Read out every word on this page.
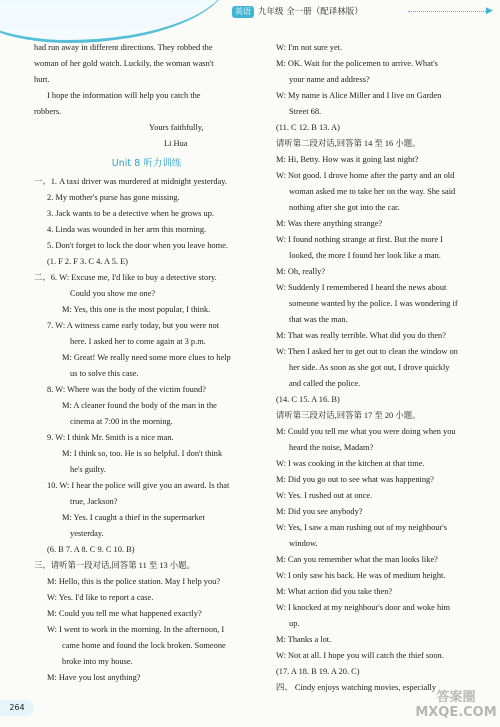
英语 九年级 全一册（配译林版）	▶
had run away in different directions. They robbed the
woman of her gold watch. Luckily, the woman wasn't
hurt.
I hope the information will help you catch the
robbers.
Yours faithfully,
Li Hua
Unit 8 听力训练
一、1. A taxi driver was murdered at midnight yesterday.
2. My mother's purse has gone missing.
3. Jack wants to be a detective when he grows up.
4. Linda was wounded in her arm this morning.
5. Don't forget to lock the door when you leave home.
(1. F 2. F 3. C 4. A 5. E)
二、6. W: Excuse me, I'd like to buy a detective story.
Could you show me one?
M: Yes, this one is the most popular, I think.
7. W: A witness came early today, but you were not
here. I asked her to come again at 3 p.m.
M: Great! We really need some more clues to help
us to solve this case.
8. W: Where was the body of the victim found?
M: A cleaner found the body of the man in the
cinema at 7:00 in the morning.
9. W: I think Mr. Smith is a nice man.
M: I think so, too. He is so helpful. I don't think
he's guilty.
10. W: I hear the police will give you an award. Is that
true, Jackson?
M: Yes. I caught a thief in the supermarket
yesterday.
(6. B 7. A 8. C 9. C 10. B)
三、请听第一段对话,回答第 11 至 13 小题。
M: Hello, this is the police station. May I help you?
W: Yes. I'd like to report a case.
M: Could you tell me what happened exactly?
W: I went to work in the morning. In the afternoon, I
came home and found the lock broken. Someone
broke into my house.
M: Have you lost anything?
W: I'm not sure yet.
M: OK. Wait for the policemen to arrive. What's
your name and address?
W: My name is Alice Miller and I live on Garden
Street 68.
(11. C 12. B 13. A)
请听第二段对话,回答第 14 至 16 小题。
M: Hi, Betty. How was it going last night?
W: Not good. I drove home after the party and an old
woman asked me to take her on the way. She said
nothing after she got into the car.
M: Was there anything strange?
W: I found nothing strange at first. But the more I
looked, the more I found her look like a man.
M: Oh, really?
W: Suddenly I remembered I heard the news about
someone wanted by the police. I was wondering if
that was the man.
M: That was really terrible. What did you do then?
W: Then I asked her to get out to clean the window on
her side. As soon as she got out, I drove quickly
and called the police.
(14. C 15. A 16. B)
请听第三段对话,回答第 17 至 20 小题。
M: Could you tell me what you were doing when you
heard the noise, Madam?
W: I was cooking in the kitchen at that time.
M: Did you go out to see what was happening?
W: Yes. I rushed out at once.
M: Did you see anybody?
W: Yes, I saw a man rushing out of my neighbour's
window.
M: Can you remember what the man looks like?
W: I only saw his back. He was of medium height.
M: What action did you take then?
W: I knocked at my neighbour's door and woke him
up.
M: Thanks a lot.
W: Not at all. I hope you will catch the thief soon.
(17. A 18. B 19. A 20. C)
四、 Cindy enjoys watching movies, especially
264
答案圈
MXQE.COM
